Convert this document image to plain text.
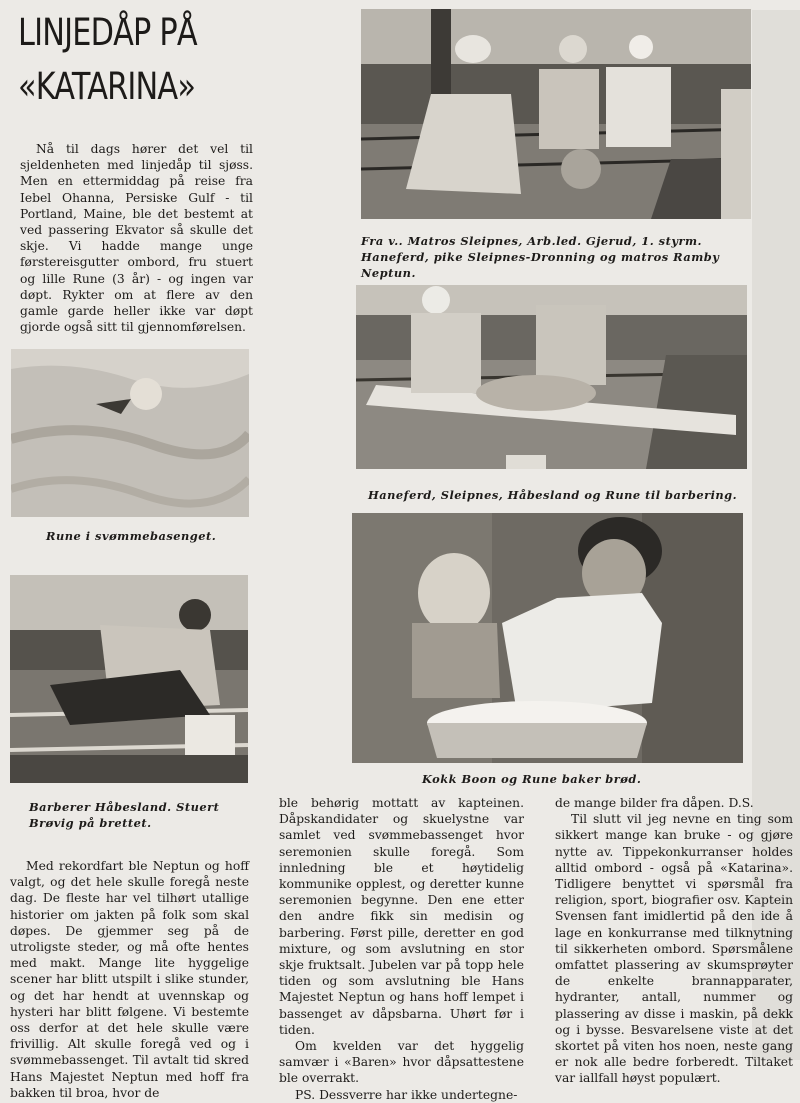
LINJEDÅP PÅ
«KATARINA»

Nå til dags hører det vel til sjeldenheten med linjedåp til sjøss. Men en ettermiddag på reise fra Iebel Ohanna, Persiske Gulf - til Portland, Maine, ble det bestemt at ved passering Ekvator så skulle det skje. Vi hadde mange unge førstereisgutter ombord, fru stuert og lille Rune (3 år) - og ingen var døpt. Rykter om at flere av den gamle garde heller ikke var døpt gjorde også sitt til gjennomførelsen.

Fra v.. Matros Sleipnes, Arb.led. Gjerud, 1. styrm. Haneferd, pike Sleipnes-Dronning og matros Ramby Neptun.
Haneferd, Sleipnes, Håbesland og Rune til barbering.
Rune i svømmebasenget.
Kokk Boon og Rune baker brød.
Barberer Håbesland. Stuert Brøvig på brettet.

Med rekordfart ble Neptun og hoff valgt, og det hele skulle foregå neste dag. De fleste har vel tilhørt utallige historier om jakten på folk som skal døpes. De gjemmer seg på de utroligste steder, og må ofte hentes med makt. Mange lite hyggelige scener har blitt utspilt i slike stunder, og det har hendt at uvennskap og hysteri har blitt følgene. Vi bestemte oss derfor at det hele skulle være frivillig. Alt skulle foregå ved og i svømmebassenget. Til avtalt tid skred Hans Majestet Neptun med hoff fra bakken til broa, hvor de

ble behørig mottatt av kapteinen. Dåpskandidater og skuelystne var samlet ved svømmebassenget hvor seremonien skulle foregå. Som innledning ble et høytidelig kommunike opplest, og deretter kunne seremonien begynne. Den ene etter den andre fikk sin medisin og barbering. Først pille, deretter en god mixture, og som avslutning en stor skje fruktsalt. Jubelen var på topp hele tiden og som avslutning ble Hans Majestet Neptun og hans hoff lempet i bassenget av dåpsbarna. Uhørt før i tiden.

Om kvelden var det hyggelig samvær i «Baren» hvor dåpsattestene ble overrakt.

PS. Dessverre har ikke undertegne-

de mange bilder fra dåpen. D.S.

Til slutt vil jeg nevne en ting som sikkert mange kan bruke - og gjøre nytte av. Tippekonkurranser holdes alltid ombord - også på «Katarina». Tidligere benyttet vi spørsmål fra religion, sport, biografier osv. Kaptein Svensen fant imidlertid på den ide å lage en konkurranse med tilknytning til sikkerheten ombord. Spørsmålene omfattet plassering av skumsprøyter de enkelte brannapparater, hydranter, antall, nummer og plassering av disse i maskin, på dekk og i bysse. Besvarelsene viste at det skortet på viten hos noen, neste gang er nok alle bedre forberedt. Tiltaket var iallfall høyst populært.
